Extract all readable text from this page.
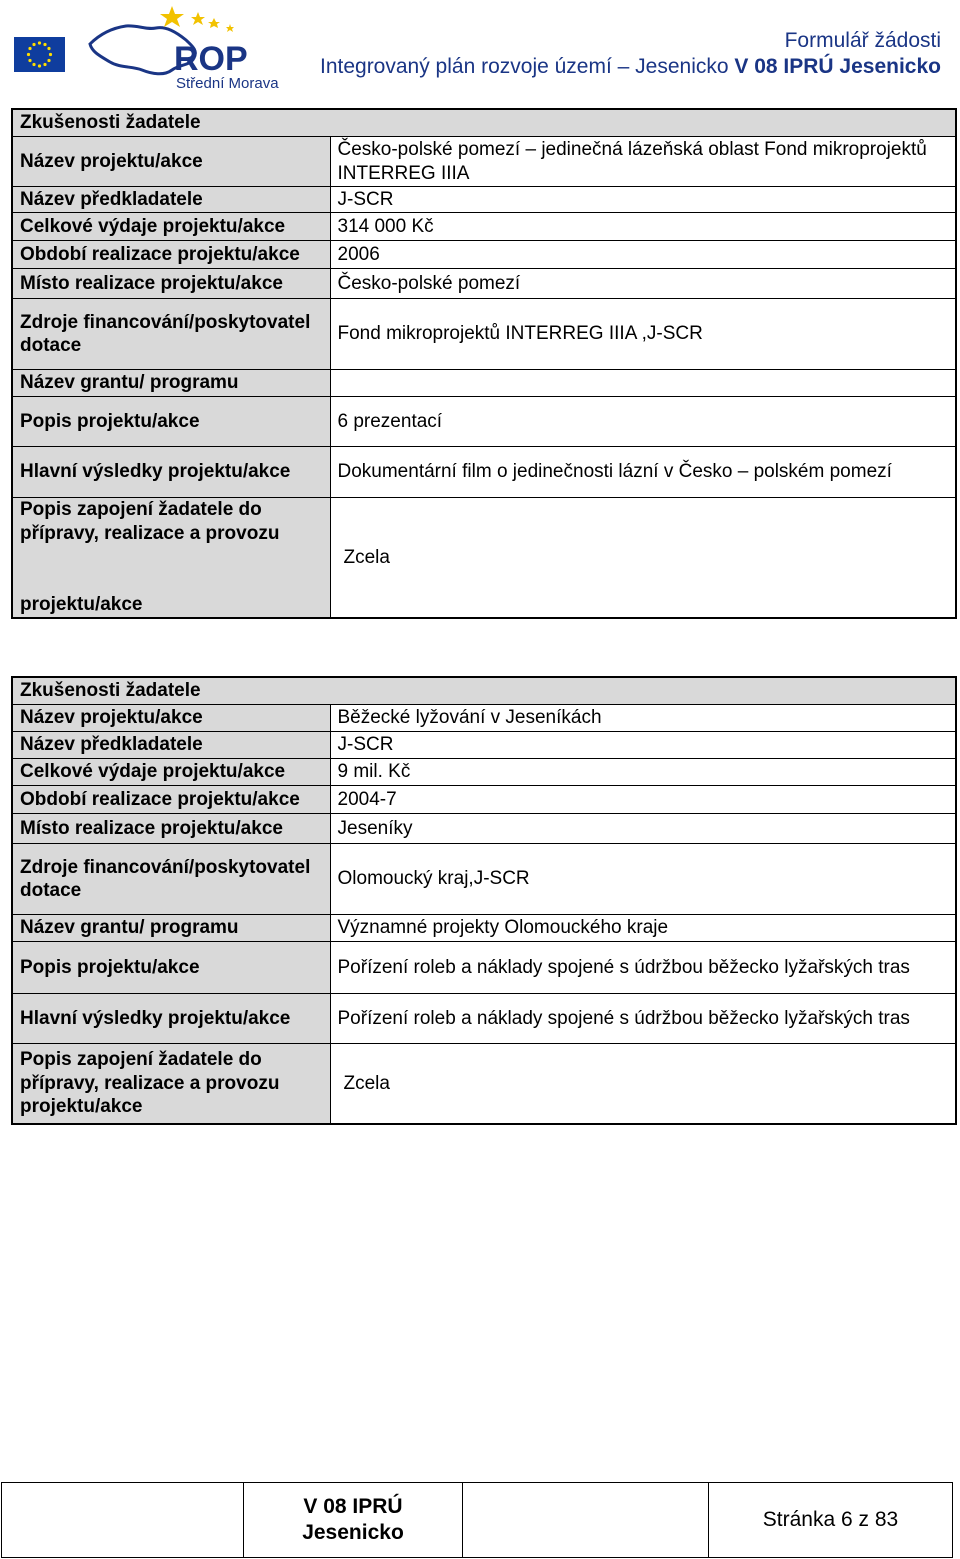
ROP
Střední Morava
Formulář žádosti
Integrovaný plán rozvoje území – Jesenicko V 08 IPRÚ Jesenicko
Zkušenosti žadatele	
Název projektu/akce	Česko-polské pomezí – jedinečná lázeňská oblast Fond mikroprojektů INTERREG IIIA
Název předkladatele	J-SCR
Celkové výdaje projektu/akce	314 000 Kč
Období realizace projektu/akce	2006
Místo realizace projektu/akce	Česko-polské pomezí
Zdroje financování/poskytovatel dotace	Fond mikroprojektů INTERREG IIIA ,J-SCR
Název grantu/ programu	
Popis projektu/akce	6 prezentací
Hlavní výsledky projektu/akce	Dokumentární film o jedinečnosti lázní v Česko – polském pomezí

Popis zapojení žadatele do přípravy, realizace a provozu
projektu/akce	Zcela
Zkušenosti žadatele	
Název projektu/akce	Běžecké lyžování v Jeseníkách
Název předkladatele	J-SCR
Celkové výdaje projektu/akce	9 mil. Kč
Období realizace projektu/akce	2004-7
Místo realizace projektu/akce	Jeseníky
Zdroje financování/poskytovatel dotace	Olomoucký kraj,J-SCR
Název grantu/ programu	Významné projekty Olomouckého kraje
Popis projektu/akce	Pořízení roleb a náklady spojené s údržbou běžecko lyžařských tras
Hlavní výsledky projektu/akce	Pořízení roleb a náklady spojené s údržbou běžecko lyžařských tras
Popis zapojení žadatele do přípravy, realizace a provozu projektu/akce	Zcela

V 08 IPRÚ
Jesenicko
		Stránka 6 z 83
